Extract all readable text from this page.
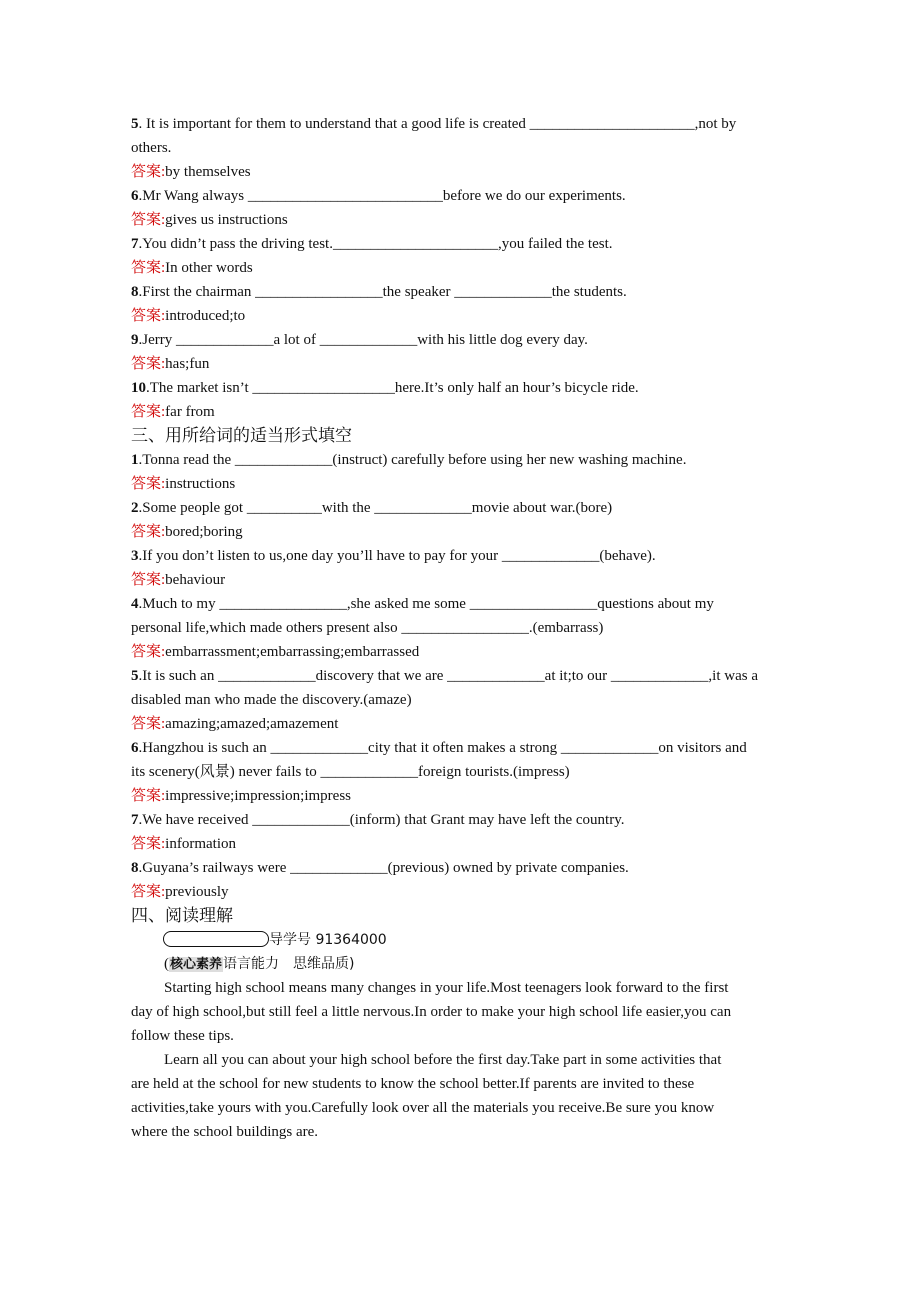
5. It is important for them to understand that a good life is created ______________________,not by
others.
答案:by themselves
6.Mr Wang always __________________________before we do our experiments.
答案:gives us instructions
7.You didn’t pass the driving test.______________________,you failed the test.
答案:In other words
8.First the chairman _________________the speaker _____________the students.
答案:introduced;to
9.Jerry _____________a lot of _____________with his little dog every day.
答案:has;fun
10.The market isn’t ___________________here.It’s only half an hour’s bicycle ride.
答案:far from
三、用所给词的适当形式填空
1.Tonna read the _____________(instruct) carefully before using her new washing machine.
答案:instructions
2.Some people got __________with the _____________movie about war.(bore)
答案:bored;boring
3.If you don’t listen to us,one day you’ll have to pay for your _____________(behave).
答案:behaviour
4.Much to my _________________,she asked me some _________________questions about my
personal life,which made others present also _________________.(embarrass)
答案:embarrassment;embarrassing;embarrassed
5.It is such an _____________discovery that we are _____________at it;to our _____________,it was a
disabled man who made the discovery.(amaze)
答案:amazing;amazed;amazement
6.Hangzhou is such an _____________city that it often makes a strong _____________on visitors and
its scenery(风景) never fails to _____________foreign tourists.(impress)
答案:impressive;impression;impress
7.We have received _____________(inform) that Grant may have left the country.
答案:information
8.Guyana’s railways were _____________(previous) owned by private companies.
答案:previously
四、阅读理解
导学号 91364000
(核心素养语言能力　思维品质)
Starting high school means many changes in your life.Most teenagers look forward to the first
day of high school,but still feel a little nervous.In order to make your high school life easier,you can
follow these tips.
Learn all you can about your high school before the first day.Take part in some activities that
are held at the school for new students to know the school better.If parents are invited to these
activities,take yours with you.Carefully look over all the materials you receive.Be sure you know
where the school buildings are.
